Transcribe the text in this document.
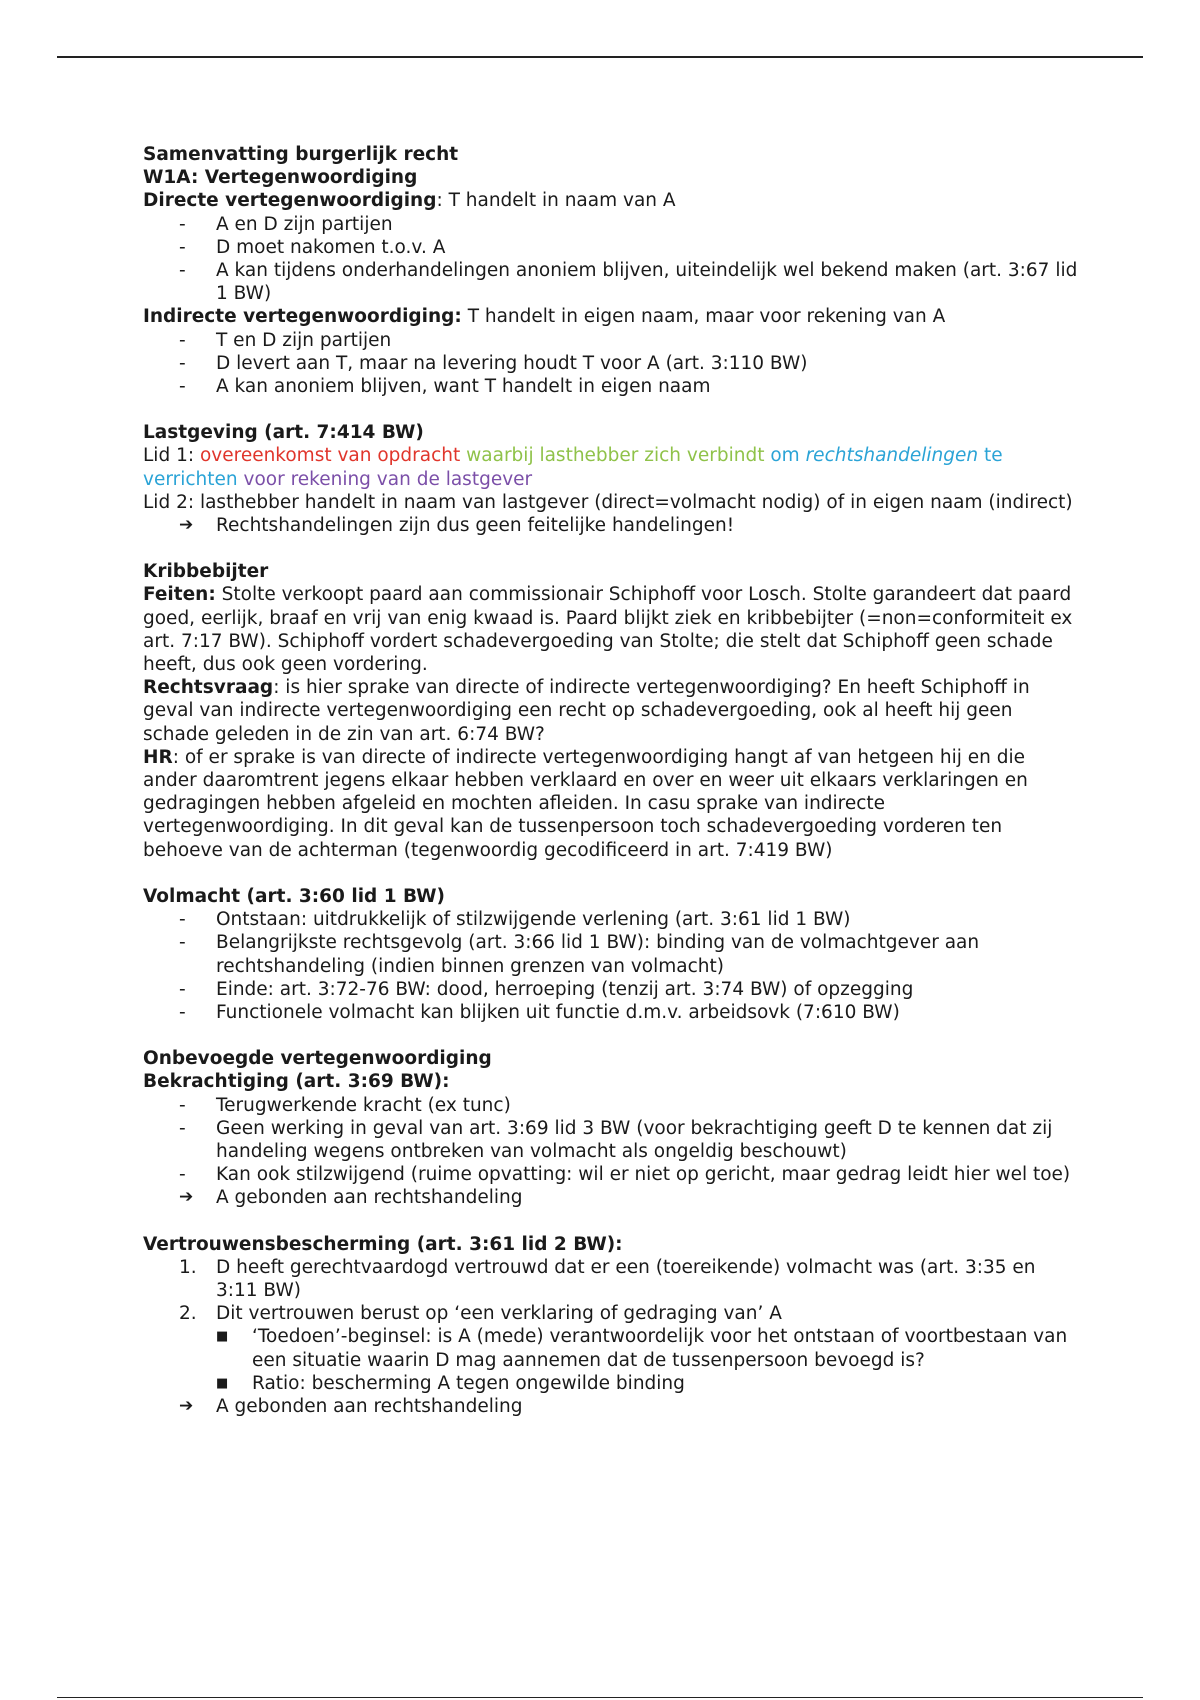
Samenvatting burgerlijk recht

W1A: Vertegenwoordiging

Directe vertegenwoordiging: T handelt in naam van A

- A en D zijn partijen
- D moet nakomen t.o.v. A
- A kan tijdens onderhandelingen anoniem blijven, uiteindelijk wel bekend maken (art. 3:67 lid 1 BW)

Indirecte vertegenwoordiging: T handelt in eigen naam, maar voor rekening van A

- T en D zijn partijen
- D levert aan T, maar na levering houdt T voor A (art. 3:110 BW)
- A kan anoniem blijven, want T handelt in eigen naam

Lastgeving (art. 7:414 BW)

Lid 1: overeenkomst van opdracht waarbij lasthebber zich verbindt om rechtshandelingen te verrichten voor rekening van de lastgever

Lid 2: lasthebber handelt in naam van lastgever (direct=volmacht nodig) of in eigen naam (indirect)

➔ Rechtshandelingen zijn dus geen feitelijke handelingen!

Kribbebijter

Feiten: Stolte verkoopt paard aan commissionair Schiphoff voor Losch. Stolte garandeert dat paard goed, eerlijk, braaf en vrij van enig kwaad is. Paard blijkt ziek en kribbebijter (=non=conformiteit ex art. 7:17 BW). Schiphoff vordert schadevergoeding van Stolte; die stelt dat Schiphoff geen schade heeft, dus ook geen vordering.

Rechtsvraag: is hier sprake van directe of indirecte vertegenwoordiging? En heeft Schiphoff in geval van indirecte vertegenwoordiging een recht op schadevergoeding, ook al heeft hij geen schade geleden in de zin van art. 6:74 BW?

HR: of er sprake is van directe of indirecte vertegenwoordiging hangt af van hetgeen hij en die ander daaromtrent jegens elkaar hebben verklaard en over en weer uit elkaars verklaringen en gedragingen hebben afgeleid en mochten afleiden. In casu sprake van indirecte vertegenwoordiging. In dit geval kan de tussenpersoon toch schadevergoeding vorderen ten behoeve van de achterman (tegenwoordig gecodificeerd in art. 7:419 BW)

Volmacht (art. 3:60 lid 1 BW)

- Ontstaan: uitdrukkelijk of stilzwijgende verlening (art. 3:61 lid 1 BW)
- Belangrijkste rechtsgevolg (art. 3:66 lid 1 BW): binding van de volmachtgever aan rechtshandeling (indien binnen grenzen van volmacht)
- Einde: art. 3:72-76 BW: dood, herroeping (tenzij art. 3:74 BW) of opzegging
- Functionele volmacht kan blijken uit functie d.m.v. arbeidsovk (7:610 BW)

Onbevoegde vertegenwoordiging

Bekrachtiging (art. 3:69 BW):

- Terugwerkende kracht (ex tunc)
- Geen werking in geval van art. 3:69 lid 3 BW (voor bekrachtiging geeft D te kennen dat zij handeling wegens ontbreken van volmacht als ongeldig beschouwt)
- Kan ook stilzwijgend (ruime opvatting: wil er niet op gericht, maar gedrag leidt hier wel toe)
➔ A gebonden aan rechtshandeling

Vertrouwensbescherming (art. 3:61 lid 2 BW):

1. D heeft gerechtvaardogd vertrouwd dat er een (toereikende) volmacht was (art. 3:35 en 3:11 BW)
2. Dit vertrouwen berust op ‘een verklaring of gedraging van’ A
■ ‘Toedoen’-beginsel: is A (mede) verantwoordelijk voor het ontstaan of voortbestaan van een situatie waarin D mag aannemen dat de tussenpersoon bevoegd is?
■ Ratio: bescherming A tegen ongewilde binding
➔ A gebonden aan rechtshandeling
